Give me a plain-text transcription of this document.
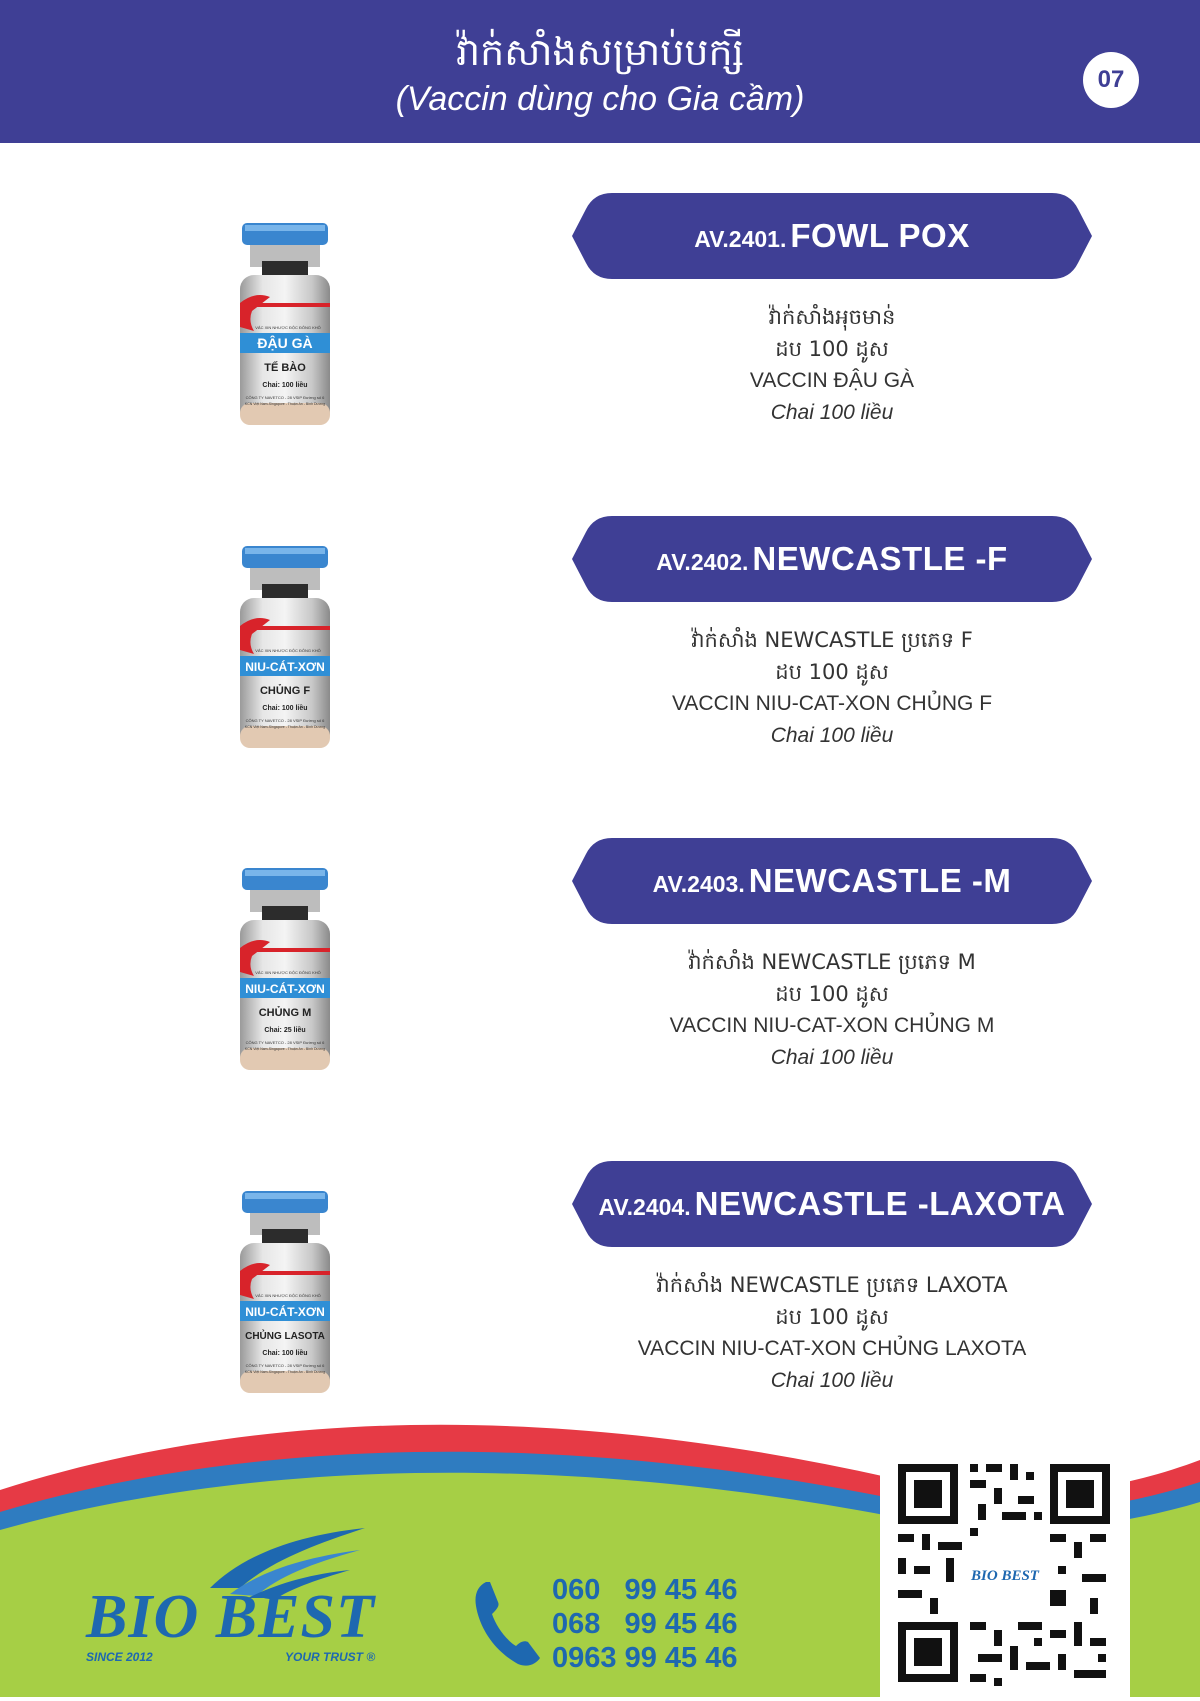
វ៉ាក់សាំងសម្រាប់បក្សី
(Vaccin dùng cho Gia cầm)
07
ĐẬU GÀ
VẮC XIN NHƯỢC ĐỘC ĐÔNG KHÔ
TẾ BÀO
Chai: 100 liều
CÔNG TY NAVETCO - 28 VSIP Đường số 6
KCN Việt Nam-Singapore - Thuận An - Bình Dương
AV.2401. FOWL POX
វ៉ាក់សាំងអុចមាន់
ដប 100 ដូស
VACCIN ĐẬU GÀ
Chai 100 liều
NIU-CÁT-XƠN
VẮC XIN NHƯỢC ĐỘC ĐÔNG KHÔ
CHỦNG F
Chai: 100 liều
CÔNG TY NAVETCO - 28 VSIP Đường số 6
KCN Việt Nam-Singapore - Thuận An - Bình Dương
AV.2402. NEWCASTLE -F
វ៉ាក់សាំង NEWCASTLE ប្រភេទ F
ដប 100 ដូស
VACCIN NIU-CAT-XON CHỦNG F
Chai 100 liều
NIU-CÁT-XƠN
VẮC XIN NHƯỢC ĐỘC ĐÔNG KHÔ
CHỦNG M
Chai: 25 liều
CÔNG TY NAVETCO - 28 VSIP Đường số 6
KCN Việt Nam-Singapore - Thuận An - Bình Dương
AV.2403. NEWCASTLE -M
វ៉ាក់សាំង NEWCASTLE ប្រភេទ M
ដប 100 ដូស
VACCIN NIU-CAT-XON CHỦNG M
Chai 100 liều
NIU-CÁT-XƠN
VẮC XIN NHƯỢC ĐỘC ĐÔNG KHÔ
CHỦNG LASOTA
Chai: 100 liều
CÔNG TY NAVETCO - 28 VSIP Đường số 6
KCN Việt Nam-Singapore - Thuận An - Bình Dương
AV.2404. NEWCASTLE -LAXOTA
វ៉ាក់សាំង NEWCASTLE ប្រភេទ LAXOTA
ដប 100 ដូស
VACCIN NIU-CAT-XON CHỦNG LAXOTA
Chai 100 liều
BIO BEST
SINCE 2012	YOUR TRUST ®
060   99 45 46
068   99 45 46
0963 99 45 46
BIO BEST
